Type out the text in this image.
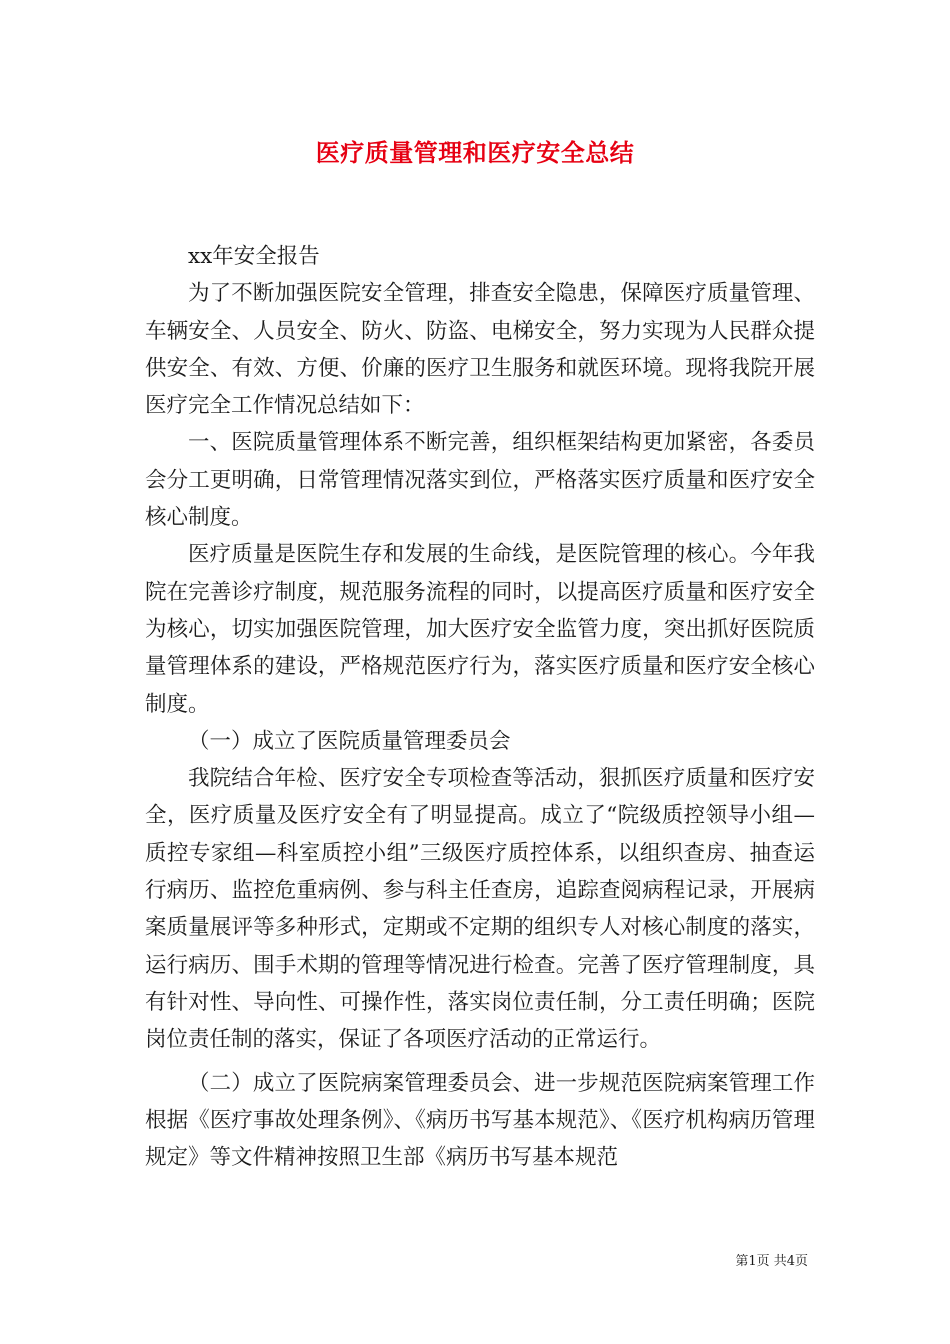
医疗质量管理和医疗安全总结

xx年安全报告

为了不断加强医院安全管理，排查安全隐患，保障医疗质量管理、车辆安全、人员安全、防火、防盗、电梯安全，努力实现为人民群众提供安全、有效、方便、价廉的医疗卫生服务和就医环境。现将我院开展医疗完全工作情况总结如下：

一、医院质量管理体系不断完善，组织框架结构更加紧密，各委员会分工更明确，日常管理情况落实到位，严格落实医疗质量和医疗安全核心制度。

医疗质量是医院生存和发展的生命线，是医院管理的核心。今年我院在完善诊疗制度，规范服务流程的同时，以提高医疗质量和医疗安全为核心，切实加强医院管理，加大医疗安全监管力度，突出抓好医院质量管理体系的建设，严格规范医疗行为，落实医疗质量和医疗安全核心制度。

（一）成立了医院质量管理委员会

我院结合年检、医疗安全专项检查等活动，狠抓医疗质量和医疗安全，医疗质量及医疗安全有了明显提高。成立了“院级质控领导小组—质控专家组—科室质控小组”三级医疗质控体系，以组织查房、抽查运行病历、监控危重病例、参与科主任查房，追踪查阅病程记录，开展病案质量展评等多种形式，定期或不定期的组织专人对核心制度的落实，运行病历、围手术期的管理等情况进行检查。完善了医疗管理制度，具有针对性、导向性、可操作性，落实岗位责任制，分工责任明确；医院岗位责任制的落实，保证了各项医疗活动的正常运行。

（二）成立了医院病案管理委员会、进一步规范医院病案管理工作根据《医疗事故处理条例》、《病历书写基本规范》、《医疗机构病历管理规定》等文件精神按照卫生部《病历书写基本规范

第1页 共4页
